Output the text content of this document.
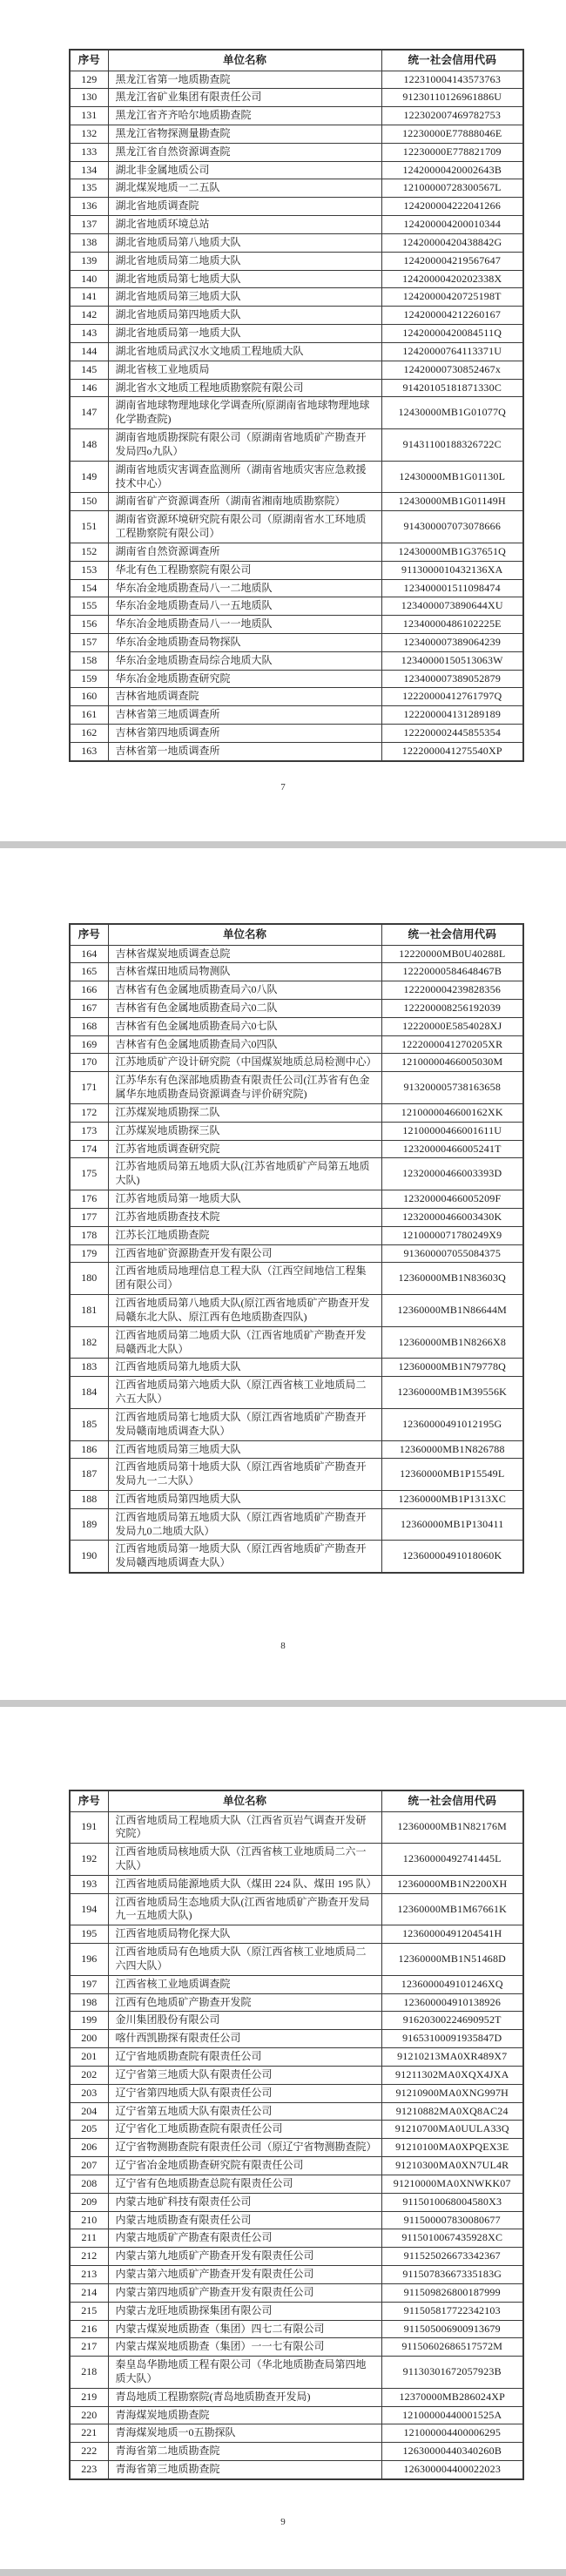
序号	单位名称	统一社会信用代码
129	黑龙江省第一地质勘查院	122310004143573763
130	黑龙江省矿业集团有限责任公司	91230110126961886U
131	黑龙江省齐齐哈尔地质勘查院	122302007469782753
132	黑龙江省物探测量勘查院	12230000E77888046E
133	黑龙江省自然资源调查院	12230000E778821709
134	湖北非金属地质公司	12420000420002643B
135	湖北煤炭地质一二五队	12100000728300567L
136	湖北省地质调查院	124200004222041266
137	湖北省地质环境总站	124200004200010344
138	湖北省地质局第八地质大队	12420000420438842G
139	湖北省地质局第二地质大队	124200004219567647
140	湖北省地质局第七地质大队	12420000420202338X
141	湖北省地质局第三地质大队	12420000420725198T
142	湖北省地质局第四地质大队	124200004212260167
143	湖北省地质局第一地质大队	12420000420084511Q
144	湖北省地质局武汉水文地质工程地质大队	12420000764113371U
145	湖北省核工业地质局	12420000730852467x
146	湖北省水文地质工程地质勘察院有限公司	91420105181871330C
147	湖南省地球物理地球化学调查所(原湖南省地球物理地球化学勘查院)	12430000MB1G01077Q
148	湖南省地质勘探院有限公司（原湖南省地质矿产勘查开发局四o九队）	91431100188326722C
149	湖南省地质灾害调查监测所（湖南省地质灾害应急救援技术中心）	12430000MB1G01130L
150	湖南省矿产资源调查所（湖南省湘南地质勘察院）	12430000MB1G01149H
151	湖南省资源环境研究院有限公司（原湖南省水工环地质工程勘察院有限公司）	914300007073078666
152	湖南省自然资源调查所	12430000MB1G37651Q
153	华北有色工程勘察院有限公司	9113000010432136XA
154	华东冶金地质勘查局八一二地质队	123400001511098474
155	华东冶金地质勘查局八一五地质队	1234000073890644XU
156	华东冶金地质勘查局八一一地质队	12340000486102225E
157	华东冶金地质勘查局物探队	123400007389064239
158	华东冶金地质勘查局综合地质大队	12340000150513063W
159	华东冶金地质勘查研究院	123400007389052879
160	吉林省地质调查院	12220000412761797Q
161	吉林省第三地质调查所	122200004131289189
162	吉林省第四地质调查所	122200002445855354
163	吉林省第一地质调查所	1222000041275540XP
7
序号	单位名称	统一社会信用代码
164	吉林省煤炭地质调查总院	12220000MB0U40288L
165	吉林省煤田地质局物测队	12220000584648467B
166	吉林省有色金属地质勘查局六0八队	122200004239828356
167	吉林省有色金属地质勘查局六0二队	122200008256192039
168	吉林省有色金属地质勘查局六0七队	12220000E5854028XJ
169	吉林省有色金属地质勘查局六0四队	1222000041270205XR
170	江苏地质矿产设计研究院（中国煤炭地质总局检测中心）	12100000466005030M
171	江苏华东有色深部地质勘查有限责任公司(江苏省有色金属华东地质勘查局资源调查与评价研究院)	913200005738163658
172	江苏煤炭地质勘探二队	1210000046600162XK
173	江苏煤炭地质勘探三队	12100000466001611U
174	江苏省地质调查研究院	12320000466005241T
175	江苏省地质局第五地质大队(江苏省地质矿产局第五地质大队)	12320000466003393D
176	江苏省地质局第一地质大队	12320000466005209F
177	江苏省地质勘查技术院	12320000466003430K
178	江苏长江地质勘查院	1210000071780249X9
179	江西省地矿资源勘查开发有限公司	913600007055084375
180	江西省地质局地理信息工程大队（江西空间地信工程集团有限公司）	12360000MB1N83603Q
181	江西省地质局第八地质大队(原江西省地质矿产勘查开发局赣东北大队、原江西有色地质勘查四队)	12360000MB1N86644M
182	江西省地质局第二地质大队（江西省地质矿产勘查开发局赣西北大队）	12360000MB1N8266X8
183	江西省地质局第九地质大队	12360000MB1N79778Q
184	江西省地质局第六地质大队（原江西省核工业地质局二六五大队）	12360000MB1M39556K
185	江西省地质局第七地质大队（原江西省地质矿产勘查开发局赣南地质调查大队）	12360000491012195G
186	江西省地质局第三地质大队	12360000MB1N826788
187	江西省地质局第十地质大队（原江西省地质矿产勘查开发局九一二大队）	12360000MB1P15549L
188	江西省地质局第四地质大队	12360000MB1P1313XC
189	江西省地质局第五地质大队（原江西省地质矿产勘查开发局九0二地质大队）	12360000MB1P130411
190	江西省地质局第一地质大队（原江西省地质矿产勘查开发局赣西地质调查大队）	12360000491018060K
8
序号	单位名称	统一社会信用代码
191	江西省地质局工程地质大队（江西省页岩气调查开发研究院）	12360000MB1N82176M
192	江西省地质局核地质大队（江西省核工业地质局二六一大队）	12360000492741445L
193	江西省地质局能源地质大队（煤田 224 队、煤田 195 队）	12360000MB1N2200XH
194	江西省地质局生态地质大队(江西省地质矿产勘查开发局九一五地质大队)	12360000MB1M67661K
195	江西省地质局物化探大队	12360000491204541H
196	江西省地质局有色地质大队（原江西省核工业地质局二六四大队）	12360000MB1N51468D
197	江西省核工业地质调查院	1236000049101246XQ
198	江西有色地质矿产勘查开发院	123600004910138926
199	金川集团股份有限公司	91620300224690952T
200	喀什西凯勘探有限责任公司	91653100091935847D
201	辽宁省地质勘查院有限责任公司	91210213MA0XR489X7
202	辽宁省第三地质大队有限责任公司	91211302MA0XQX4JXA
203	辽宁省第四地质大队有限责任公司	91210900MA0XNG997H
204	辽宁省第五地质大队有限责任公司	91210882MA0XQ8AC24
205	辽宁省化工地质勘查院有限责任公司	91210700MA0UULA33Q
206	辽宁省物测勘查院有限责任公司（原辽宁省物测勘查院）	91210100MA0XPQEX3E
207	辽宁省冶金地质勘查研究院有限责任公司	91210300MA0XN7UL4R
208	辽宁省有色地质勘查总院有限责任公司	91210000MA0XNWKK07
209	内蒙古地矿科技有限责任公司	9115010068004580X3
210	内蒙古地质勘查有限责任公司	911500007830080677
211	内蒙古地质矿产勘查有限责任公司	9115010067435928XC
212	内蒙古第九地质矿产勘查开发有限责任公司	911525026673342367
213	内蒙古第六地质矿产勘查开发有限责任公司	91150783667335183G
214	内蒙古第四地质矿产勘查开发有限责任公司	911509826800187999
215	内蒙古龙旺地质勘探集团有限公司	911505817722342103
216	内蒙古煤炭地质勘查（集团）四七二有限公司	911505006900913679
217	内蒙古煤炭地质勘查（集团）一一七有限公司	91150602686517572M
218	秦皇岛华勘地质工程有限公司（华北地质勘查局第四地质大队）	91130301672057923B
219	青岛地质工程勘察院(青岛地质勘查开发局)	12370000MB286024XP
220	青海煤炭地质勘查院	12100000440001525A
221	青海煤炭地质一0五勘探队	121000004400006295
222	青海省第二地质勘查院	12630000440340260B
223	青海省第三地质勘查院	126300004400022023
9
